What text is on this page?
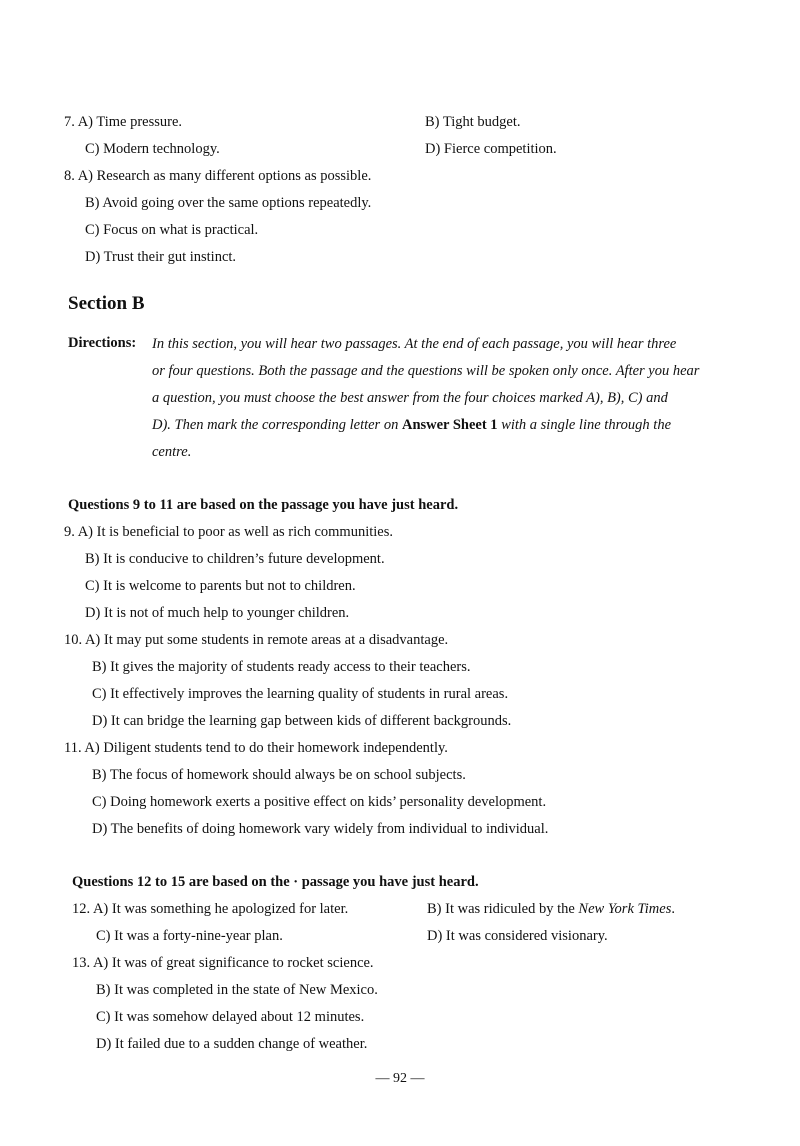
7. A) Time pressure.	B) Tight budget.
C) Modern technology.	D) Fierce competition.
8. A) Research as many different options as possible.
B) Avoid going over the same options repeatedly.
C) Focus on what is practical.
D) Trust their gut instinct.
Section B
Directions: In this section, you will hear two passages. At the end of each passage, you will hear three
or four questions. Both the passage and the questions will be spoken only once. After you hear
a question, you must choose the best answer from the four choices marked A), B), C) and
D). Then mark the corresponding letter on Answer Sheet 1 with a single line through the
centre.
Questions 9 to 11 are based on the passage you have just heard.
9. A) It is beneficial to poor as well as rich communities.
B) It is conducive to children’s future development.
C) It is welcome to parents but not to children.
D) It is not of much help to younger children.
10. A) It may put some students in remote areas at a disadvantage.
B) It gives the majority of students ready access to their teachers.
C) It effectively improves the learning quality of students in rural areas.
D) It can bridge the learning gap between kids of different backgrounds.
11. A) Diligent students tend to do their homework independently.
B) The focus of homework should always be on school subjects.
C) Doing homework exerts a positive effect on kids’ personality development.
D) The benefits of doing homework vary widely from individual to individual.
Questions 12 to 15 are based on the · passage you have just heard.
12. A) It was something he apologized for later.	B) It was ridiculed by the New York Times.
C) It was a forty-nine-year plan.	D) It was considered visionary.
13. A) It was of great significance to rocket science.
B) It was completed in the state of New Mexico.
C) It was somehow delayed about 12 minutes.
D) It failed due to a sudden change of weather.
— 92 —
